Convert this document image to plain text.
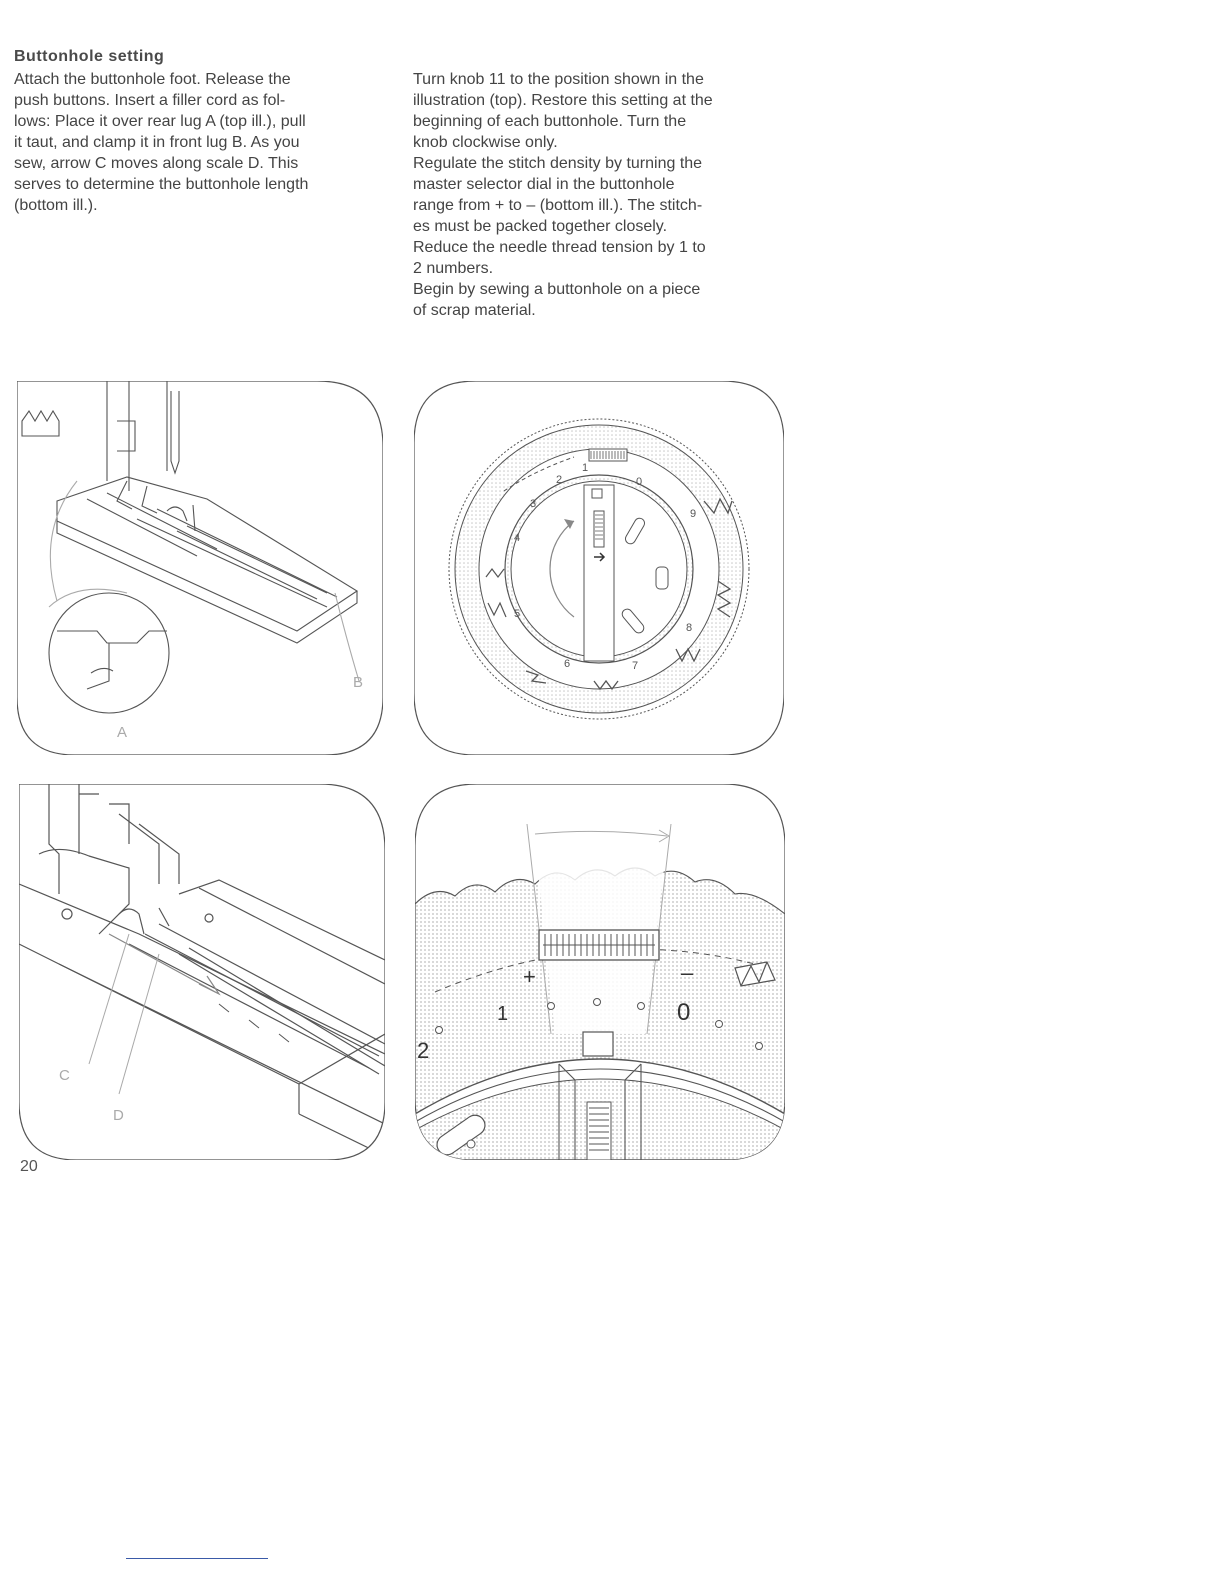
Buttonhole setting

Attach the buttonhole foot. Release the

push buttons. Insert a filler cord as fol-

lows: Place it over rear lug A (top ill.), pull

it taut, and clamp it in front lug B. As you

sew, arrow C moves along scale D. This

serves to determine the buttonhole length

(bottom ill.).

Turn knob 11 to the position shown in the

illustration (top). Restore this setting at the

beginning of each buttonhole. Turn the

knob clockwise only.

Regulate the stitch density by turning the

master selector dial in the buttonhole

range from + to – (bottom ill.). The stitch-

es must be packed together closely.

Reduce the needle thread tension by 1 to

2 numbers.

Begin by sewing a buttonhole on a piece

of scrap material.

A
B
1
2
3
4
5
6	7
8
9
0
C
D
+	–
2
1	0
20
